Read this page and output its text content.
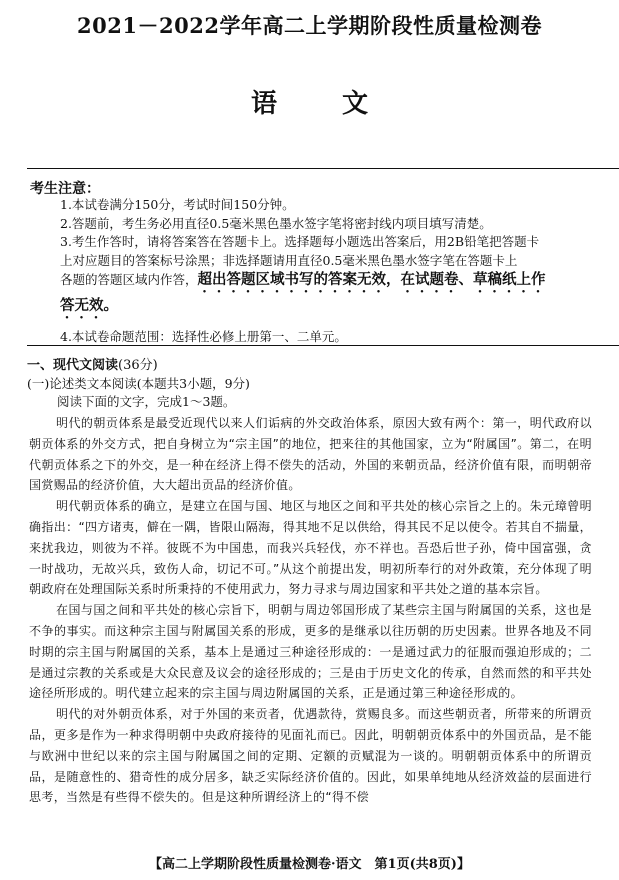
2021－2022学年高二上学期阶段性质量检测卷
语 文
考生注意：

1.本试卷满分150分，考试时间150分钟。

2.答题前，考生务必用直径0.5毫米黑色墨水签字笔将密封线内项目填写清楚。

3.考生作答时，请将答案答在答题卡上。选择题每小题选出答案后，用2B铅笔把答题卡
上对应题目的答案标号涂黑；非选择题请用直径0.5毫米黑色墨水签字笔在答题卡上
各题的答题区域内作答，超出答题区域书写的答案无效，在试题卷、草稿纸上作
答无效。

4.本试卷命题范围：选择性必修上册第一、二单元。

一、现代文阅读(36分)

(一)论述类文本阅读(本题共3小题，9分)

阅读下面的文字，完成1～3题。

明代的朝贡体系是最受近现代以来人们诟病的外交政治体系，原因大致有两个：第一，明代政府以朝贡体系的外交方式，把自身树立为“宗主国”的地位，把来往的其他国家，立为“附属国”。第二，在明代朝贡体系之下的外交，是一种在经济上得不偿失的活动，外国的来朝贡品，经济价值有限，而明朝帝国赏赐品的经济价值，大大超出贡品的经济价值。

明代朝贡体系的确立，是建立在国与国、地区与地区之间和平共处的核心宗旨之上的。朱元璋曾明确指出：“四方诸夷，僻在一隅，皆限山隔海，得其地不足以供给，得其民不足以使令。若其自不揣量，来扰我边，则彼为不祥。彼既不为中国患，而我兴兵轻伐，亦不祥也。吾恐后世子孙，倚中国富强，贪一时战功，无故兴兵，致伤人命，切记不可。”从这个前提出发，明初所奉行的对外政策，充分体现了明朝政府在处理国际关系时所秉持的不使用武力，努力寻求与周边国家和平共处之道的基本宗旨。

在国与国之间和平共处的核心宗旨下，明朝与周边邻国形成了某些宗主国与附属国的关系，这也是不争的事实。而这种宗主国与附属国关系的形成，更多的是继承以往历朝的历史因素。世界各地及不同时期的宗主国与附属国的关系，基本上是通过三种途径形成的：一是通过武力的征服而强迫形成的；二是通过宗教的关系或是大众民意及议会的途径形成的；三是由于历史文化的传承，自然而然的和平共处途径所形成的。明代建立起来的宗主国与周边附属国的关系，正是通过第三种途径形成的。

明代的对外朝贡体系，对于外国的来贡者，优遇款待，赏赐良多。而这些朝贡者，所带来的所谓贡品，更多是作为一种求得明朝中央政府接待的见面礼而已。因此，明朝朝贡体系中的外国贡品，是不能与欧洲中世纪以来的宗主国与附属国之间的定期、定额的贡赋混为一谈的。明朝朝贡体系中的所谓贡品，是随意性的、猎奇性的成分居多，缺乏实际经济价值的。因此，如果单纯地从经济效益的层面进行思考，当然是有些得不偿失的。但是这种所谓经济上的“得不偿

【高二上学期阶段性质量检测卷·语文　第1页(共8页)】
